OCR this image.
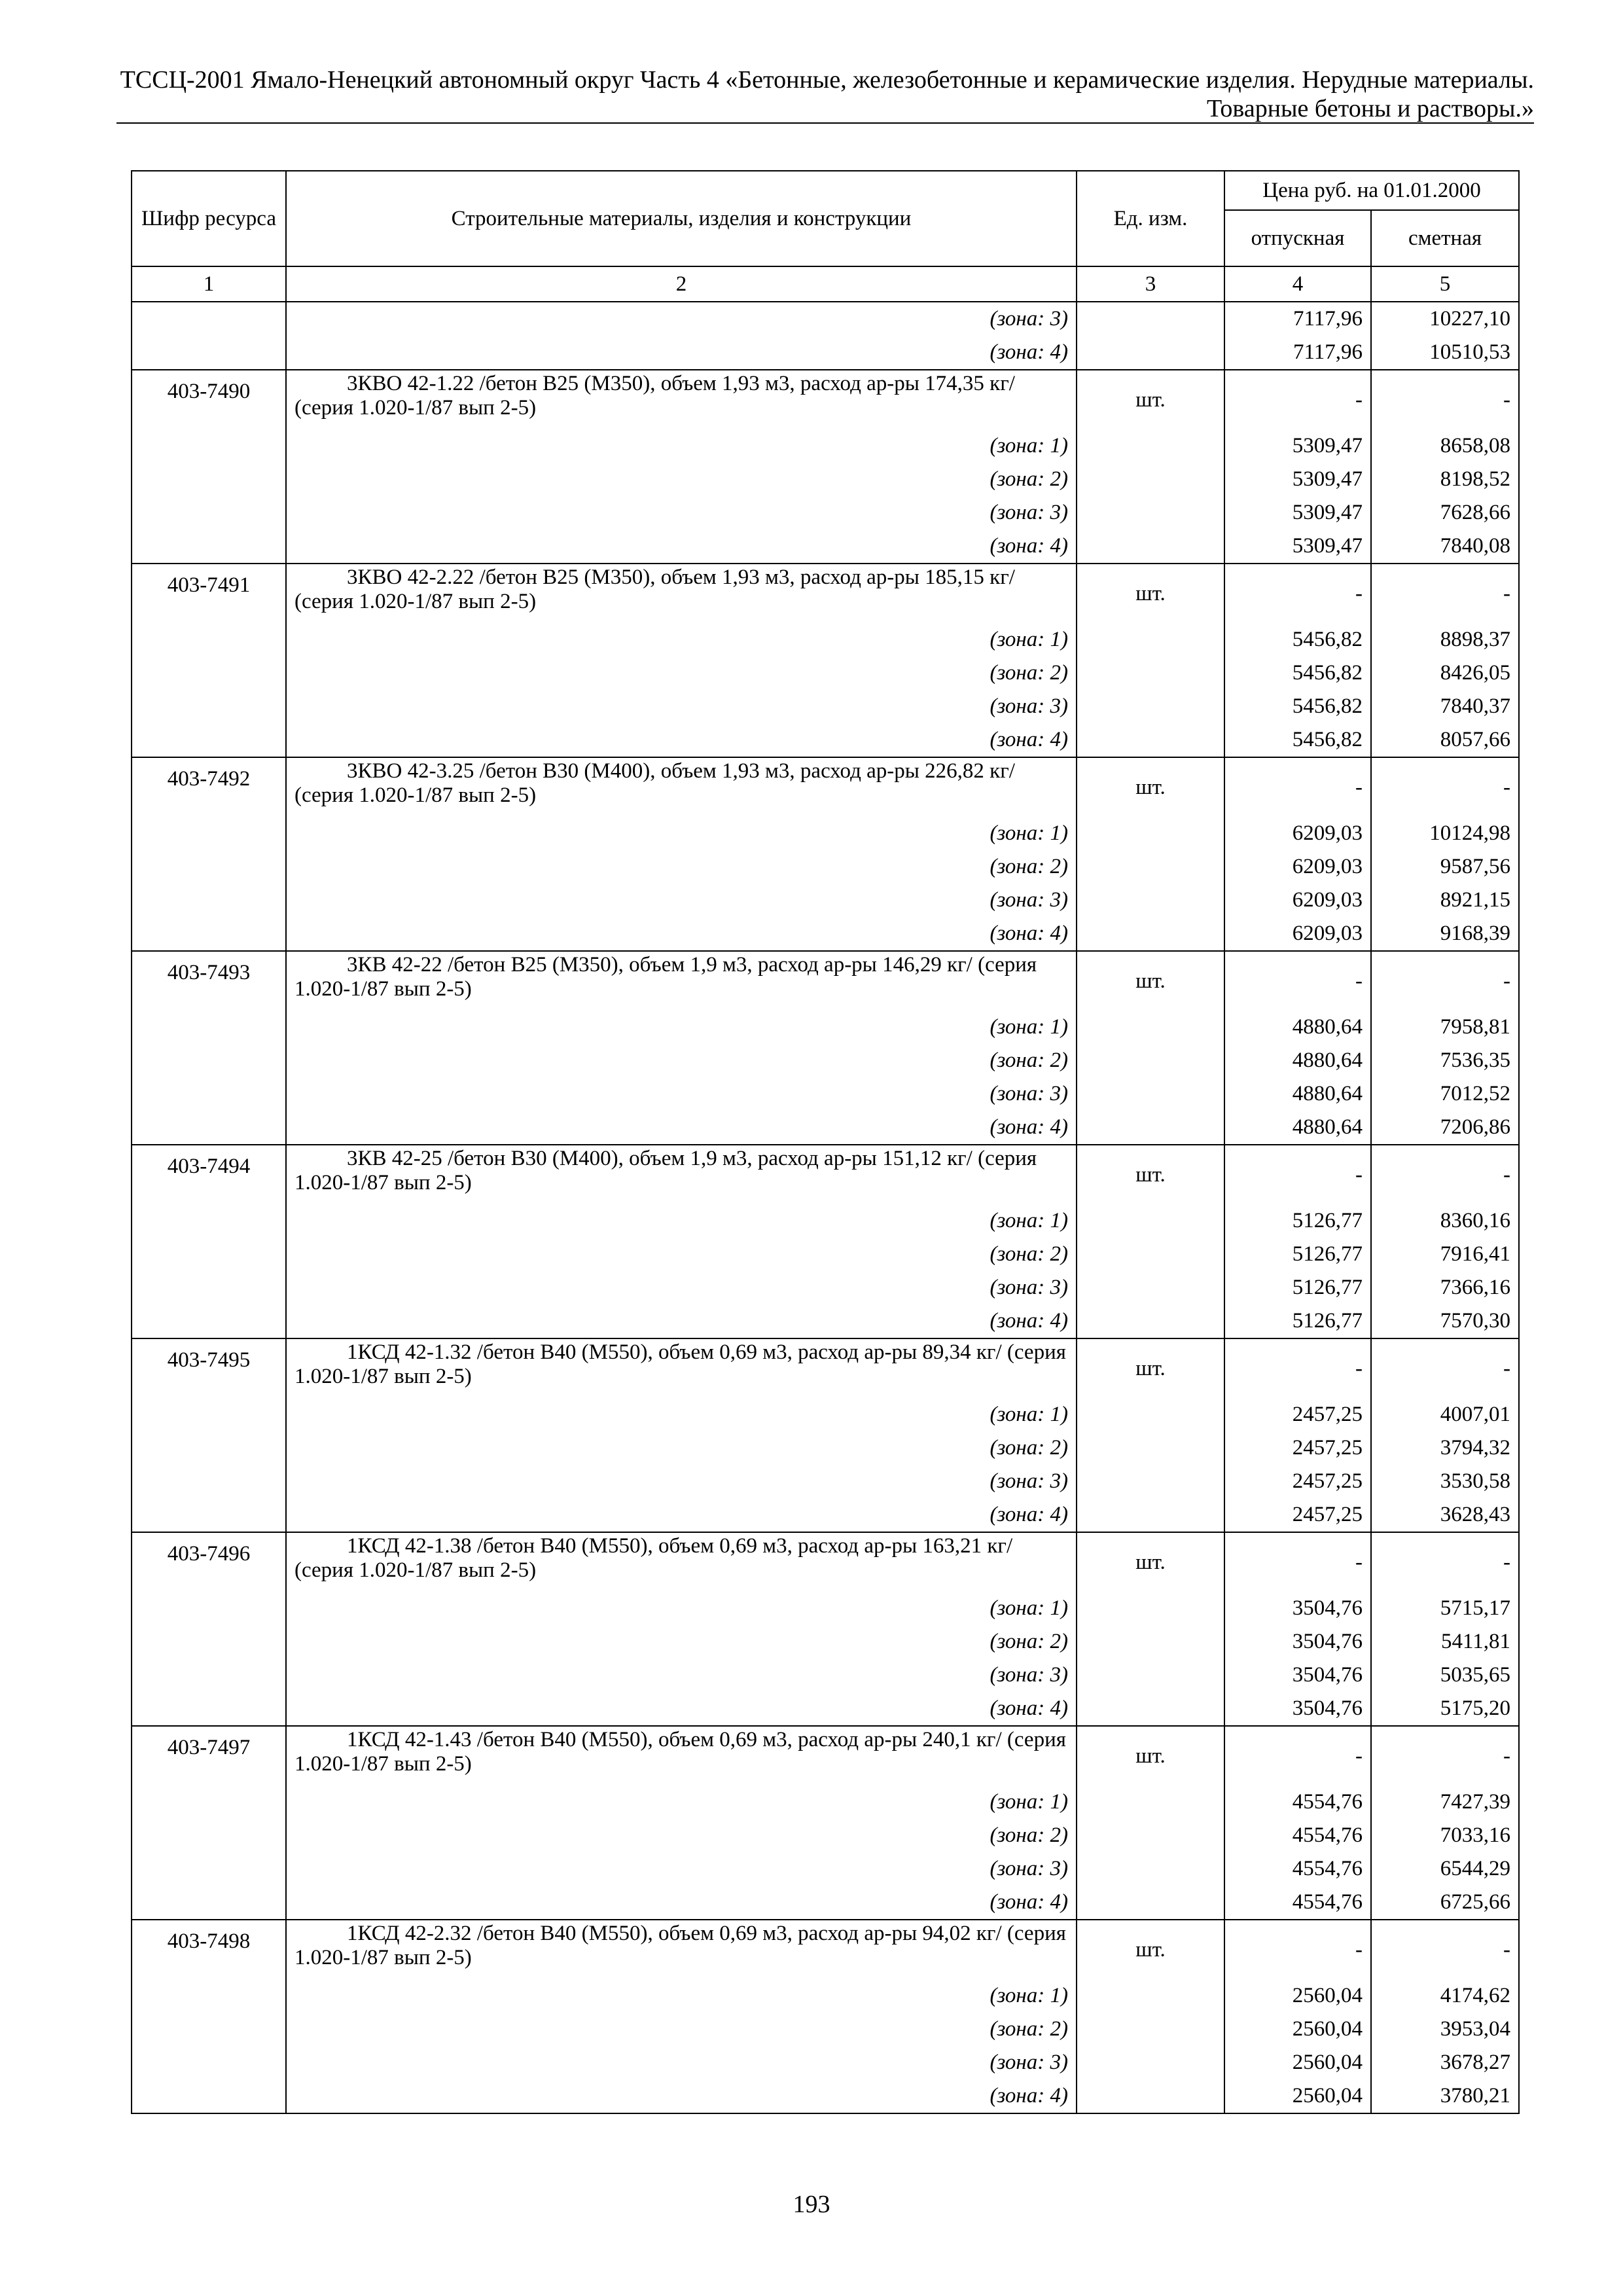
ТССЦ-2001 Ямало-Ненецкий автономный округ Часть 4 «Бетонные, железобетонные и керамические изделия. Нерудные материалы.
Товарные бетоны и растворы.»
Шифр ресурса	Строительные материалы, изделия и конструкции	Ед. изм.	Цена руб. на 01.01.2000	
			отпускная	сметная
1	2	3	4	5
	(зона: 3)		7117,96	10227,10
	(зона: 4)		7117,96	10510,53
403-7490	3КВО 42-1.22 /бетон В25 (М350), объем 1,93 м3, расход ар-ры 174,35 кг/ (серия 1.020-1/87 вып 2-5)	шт.	-	-
	(зона: 1)		5309,47	8658,08
	(зона: 2)		5309,47	8198,52
	(зона: 3)		5309,47	7628,66
	(зона: 4)		5309,47	7840,08
403-7491	3КВО 42-2.22 /бетон В25 (М350), объем 1,93 м3, расход ар-ры 185,15 кг/ (серия 1.020-1/87 вып 2-5)	шт.	-	-
	(зона: 1)		5456,82	8898,37
	(зона: 2)		5456,82	8426,05
	(зона: 3)		5456,82	7840,37
	(зона: 4)		5456,82	8057,66
403-7492	3КВО 42-3.25 /бетон В30 (М400), объем 1,93 м3, расход ар-ры 226,82 кг/ (серия 1.020-1/87 вып 2-5)	шт.	-	-
	(зона: 1)		6209,03	10124,98
	(зона: 2)		6209,03	9587,56
	(зона: 3)		6209,03	8921,15
	(зона: 4)		6209,03	9168,39
403-7493	3КВ 42-22 /бетон В25 (М350), объем 1,9 м3, расход ар-ры 146,29 кг/ (серия 1.020-1/87 вып 2-5)	шт.	-	-
	(зона: 1)		4880,64	7958,81
	(зона: 2)		4880,64	7536,35
	(зона: 3)		4880,64	7012,52
	(зона: 4)		4880,64	7206,86
403-7494	3КВ 42-25 /бетон В30 (М400), объем 1,9 м3, расход ар-ры 151,12 кг/ (серия 1.020-1/87 вып 2-5)	шт.	-	-
	(зона: 1)		5126,77	8360,16
	(зона: 2)		5126,77	7916,41
	(зона: 3)		5126,77	7366,16
	(зона: 4)		5126,77	7570,30
403-7495	1КСД 42-1.32 /бетон В40 (М550), объем 0,69 м3, расход ар-ры 89,34 кг/ (серия 1.020-1/87 вып 2-5)	шт.	-	-
	(зона: 1)		2457,25	4007,01
	(зона: 2)		2457,25	3794,32
	(зона: 3)		2457,25	3530,58
	(зона: 4)		2457,25	3628,43
403-7496	1КСД 42-1.38 /бетон В40 (М550), объем 0,69 м3, расход ар-ры 163,21 кг/ (серия 1.020-1/87 вып 2-5)	шт.	-	-
	(зона: 1)		3504,76	5715,17
	(зона: 2)		3504,76	5411,81
	(зона: 3)		3504,76	5035,65
	(зона: 4)		3504,76	5175,20
403-7497	1КСД 42-1.43 /бетон В40 (М550), объем 0,69 м3, расход ар-ры 240,1 кг/ (серия 1.020-1/87 вып 2-5)	шт.	-	-
	(зона: 1)		4554,76	7427,39
	(зона: 2)		4554,76	7033,16
	(зона: 3)		4554,76	6544,29
	(зона: 4)		4554,76	6725,66
403-7498	1КСД 42-2.32 /бетон В40 (М550), объем 0,69 м3, расход ар-ры 94,02 кг/ (серия 1.020-1/87 вып 2-5)	шт.	-	-
	(зона: 1)		2560,04	4174,62
	(зона: 2)		2560,04	3953,04
	(зона: 3)		2560,04	3678,27
	(зона: 4)		2560,04	3780,21
193
